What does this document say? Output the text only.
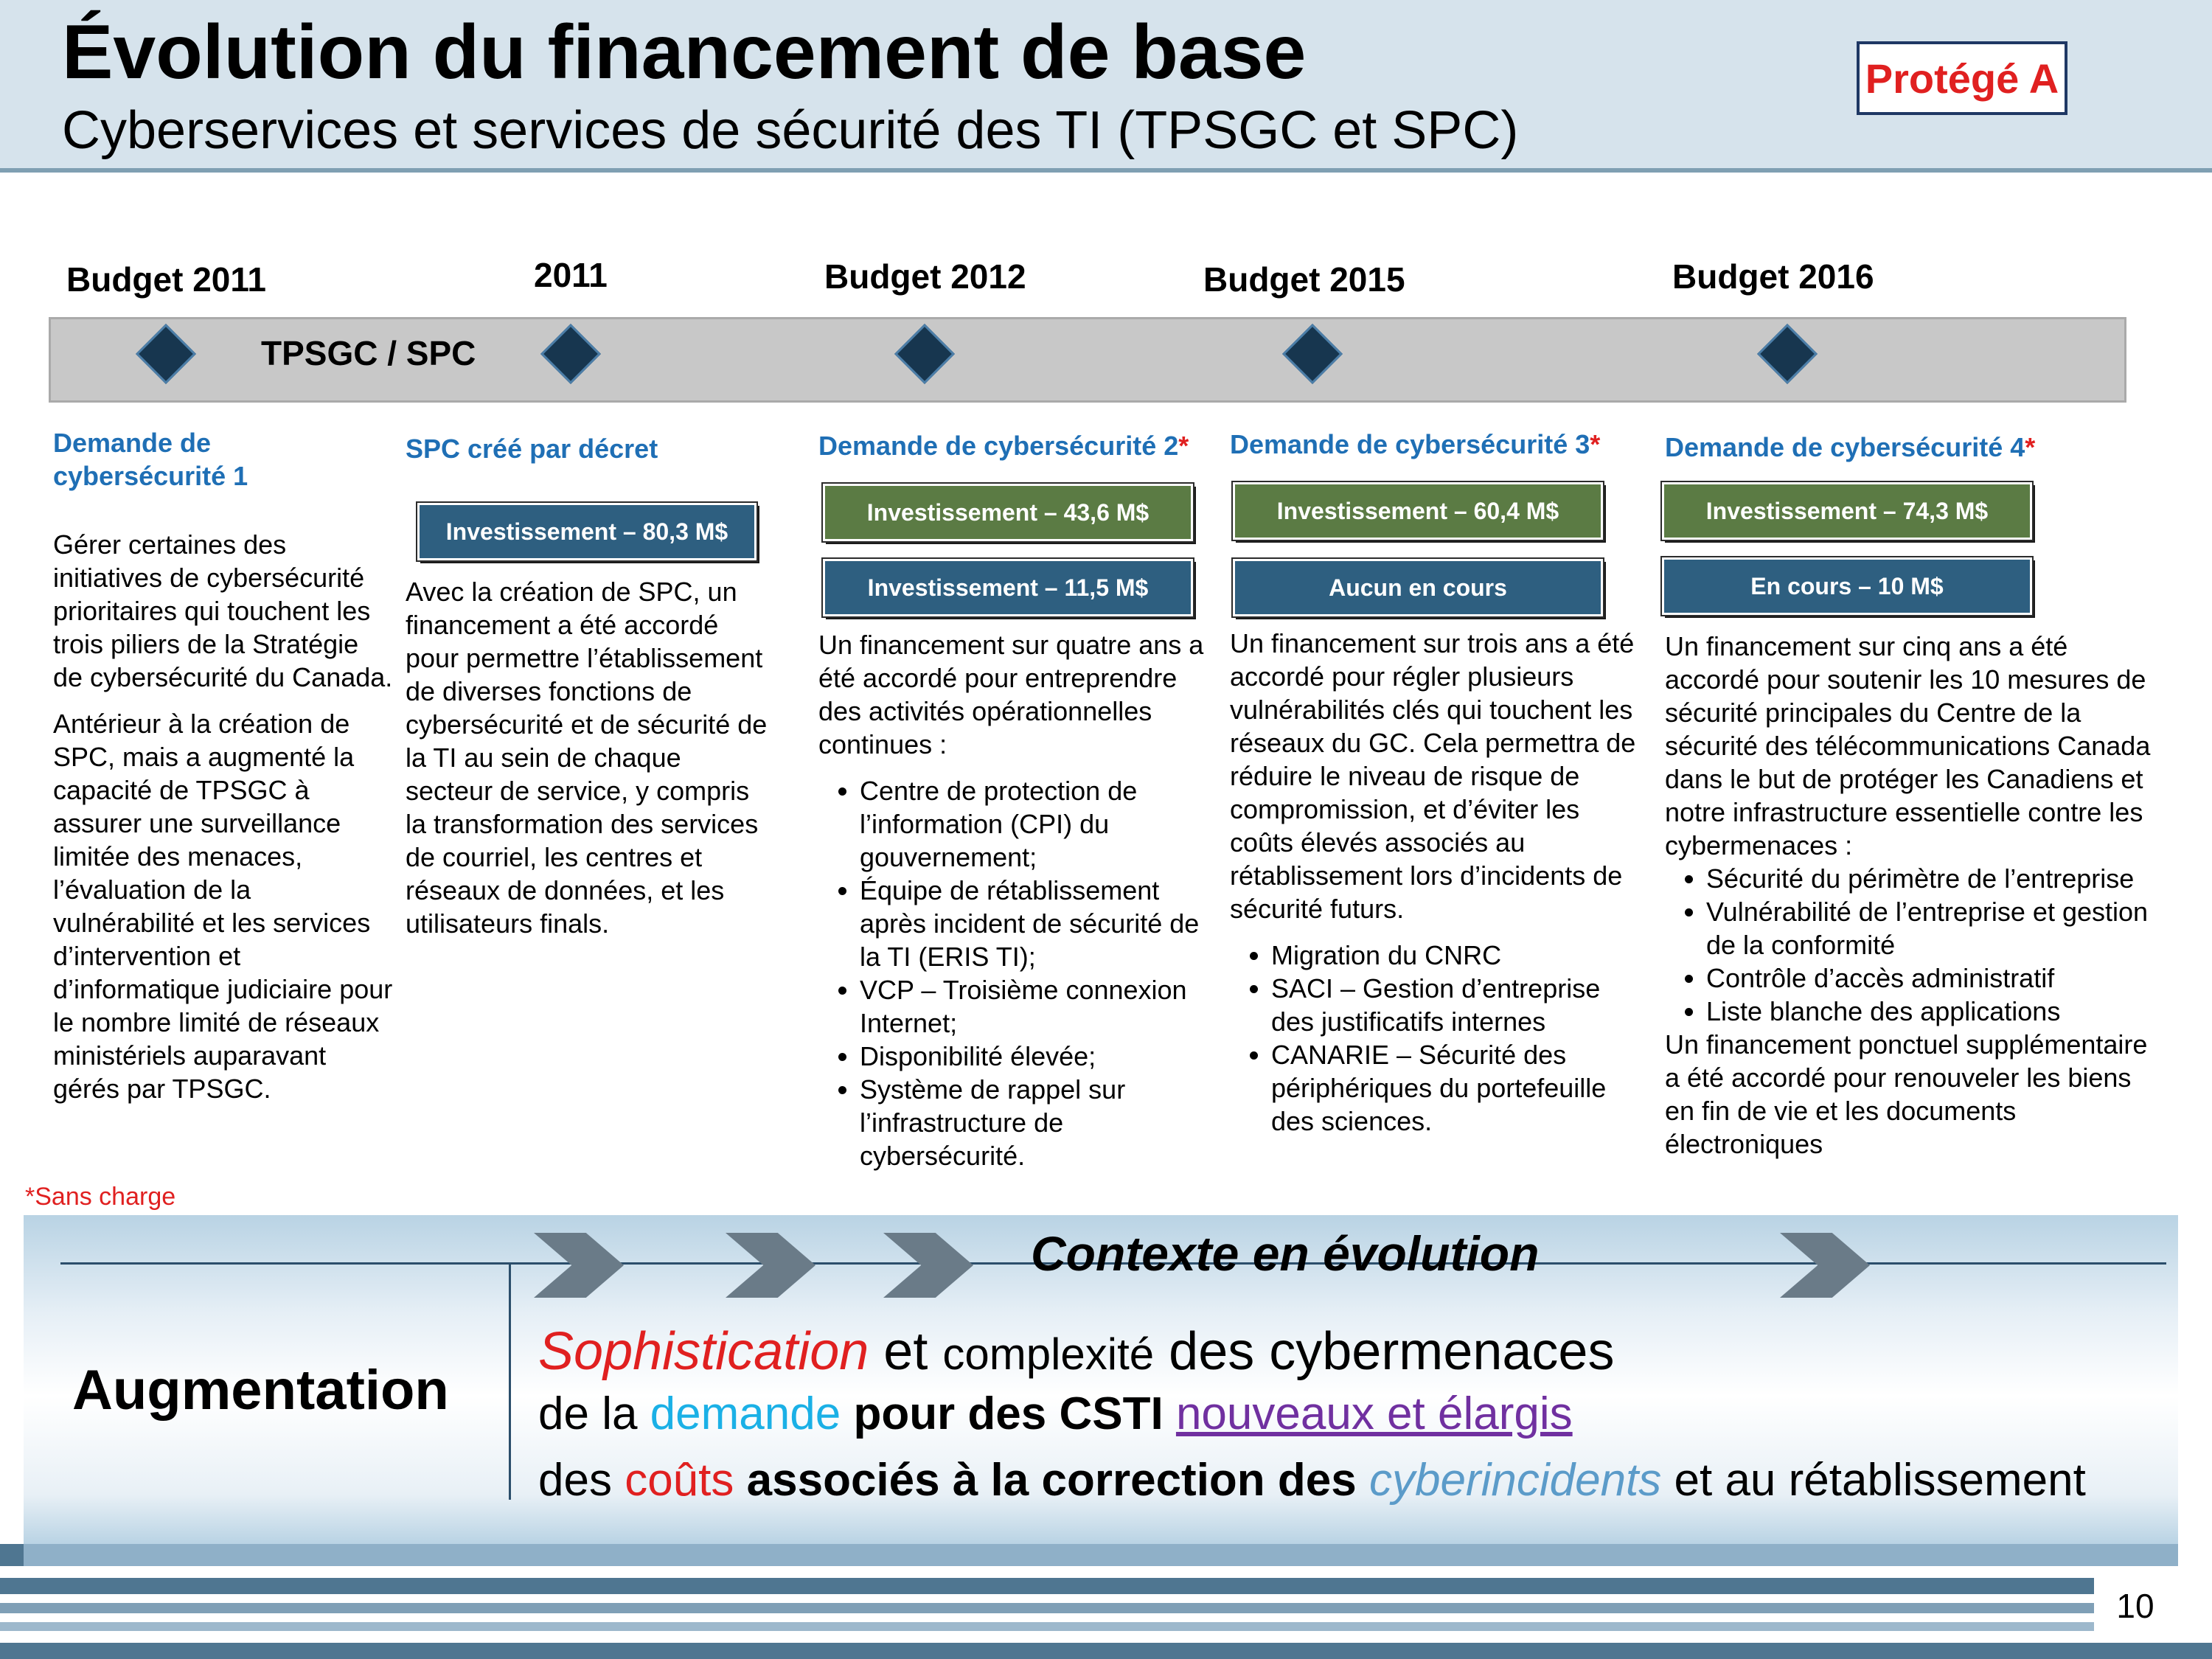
Évolution du financement de base
Cyberservices et services de sécurité des TI (TPSGC et SPC)
Protégé A
Budget 2011	2011	Budget 2012	Budget 2015	Budget 2016
TPSGC / SPC
Demande de cybersécurité 1

Gérer certaines des initiatives de cybersécurité prioritaires qui touchent les trois piliers de la Stratégie de cybersécurité du Canada.

Antérieur à la création de SPC, mais a augmenté la capacité de TPSGC à assurer une surveillance limitée des menaces, l’évaluation de la vulnérabilité et les services d’intervention et d’informatique judiciaire pour le nombre limité de réseaux ministériels auparavant gérés par TPSGC.

SPC créé par décret
Investissement – 80,3 M$

Avec la création de SPC, un financement a été accordé pour permettre l’établissement de diverses fonctions de cybersécurité et de sécurité de la TI au sein de chaque secteur de service, y compris la transformation des services de courriel, les centres et réseaux de données, et les utilisateurs finals.

Demande de cybersécurité 2*
Investissement – 43,6 M$
Investissement – 11,5 M$

Un financement sur quatre ans a été accordé pour entreprendre des activités opérationnelles continues :

• Centre de protection de l’information (CPI) du gouvernement;
• Équipe de rétablissement après incident de sécurité de la TI (ERIS TI);
• VCP – Troisième connexion Internet;
• Disponibilité élevée;
• Système de rappel sur l’infrastructure de cybersécurité.
Demande de cybersécurité 3*
Investissement – 60,4 M$
Aucun en cours

Un financement sur trois ans a été accordé pour régler plusieurs vulnérabilités clés qui touchent les réseaux du GC. Cela permettra de réduire le niveau de risque de compromission, et d’éviter les coûts élevés associés au rétablissement lors d’incidents de sécurité futurs.

• Migration du CNRC
• SACI – Gestion d’entreprise des justificatifs internes
• CANARIE – Sécurité des périphériques du portefeuille des sciences.
Demande de cybersécurité 4*
Investissement – 74,3 M$
En cours – 10 M$

Un financement sur cinq ans a été accordé pour soutenir les 10 mesures de sécurité principales du Centre de la sécurité des télécommunications Canada dans le but de protéger les Canadiens et notre infrastructure essentielle contre les cybermenaces :

• Sécurité du périmètre de l’entreprise
• Vulnérabilité de l’entreprise et gestion de la conformité
• Contrôle d’accès administratif
• Liste blanche des applications

Un financement ponctuel supplémentaire a été accordé pour renouveler les biens en fin de vie et les documents électroniques

*Sans charge
Contexte en évolution
Augmentation
Sophistication et complexité des cybermenaces
de la demande pour des CSTI nouveaux et élargis
des coûts associés à la correction des cyberincidents et au rétablissement
10
